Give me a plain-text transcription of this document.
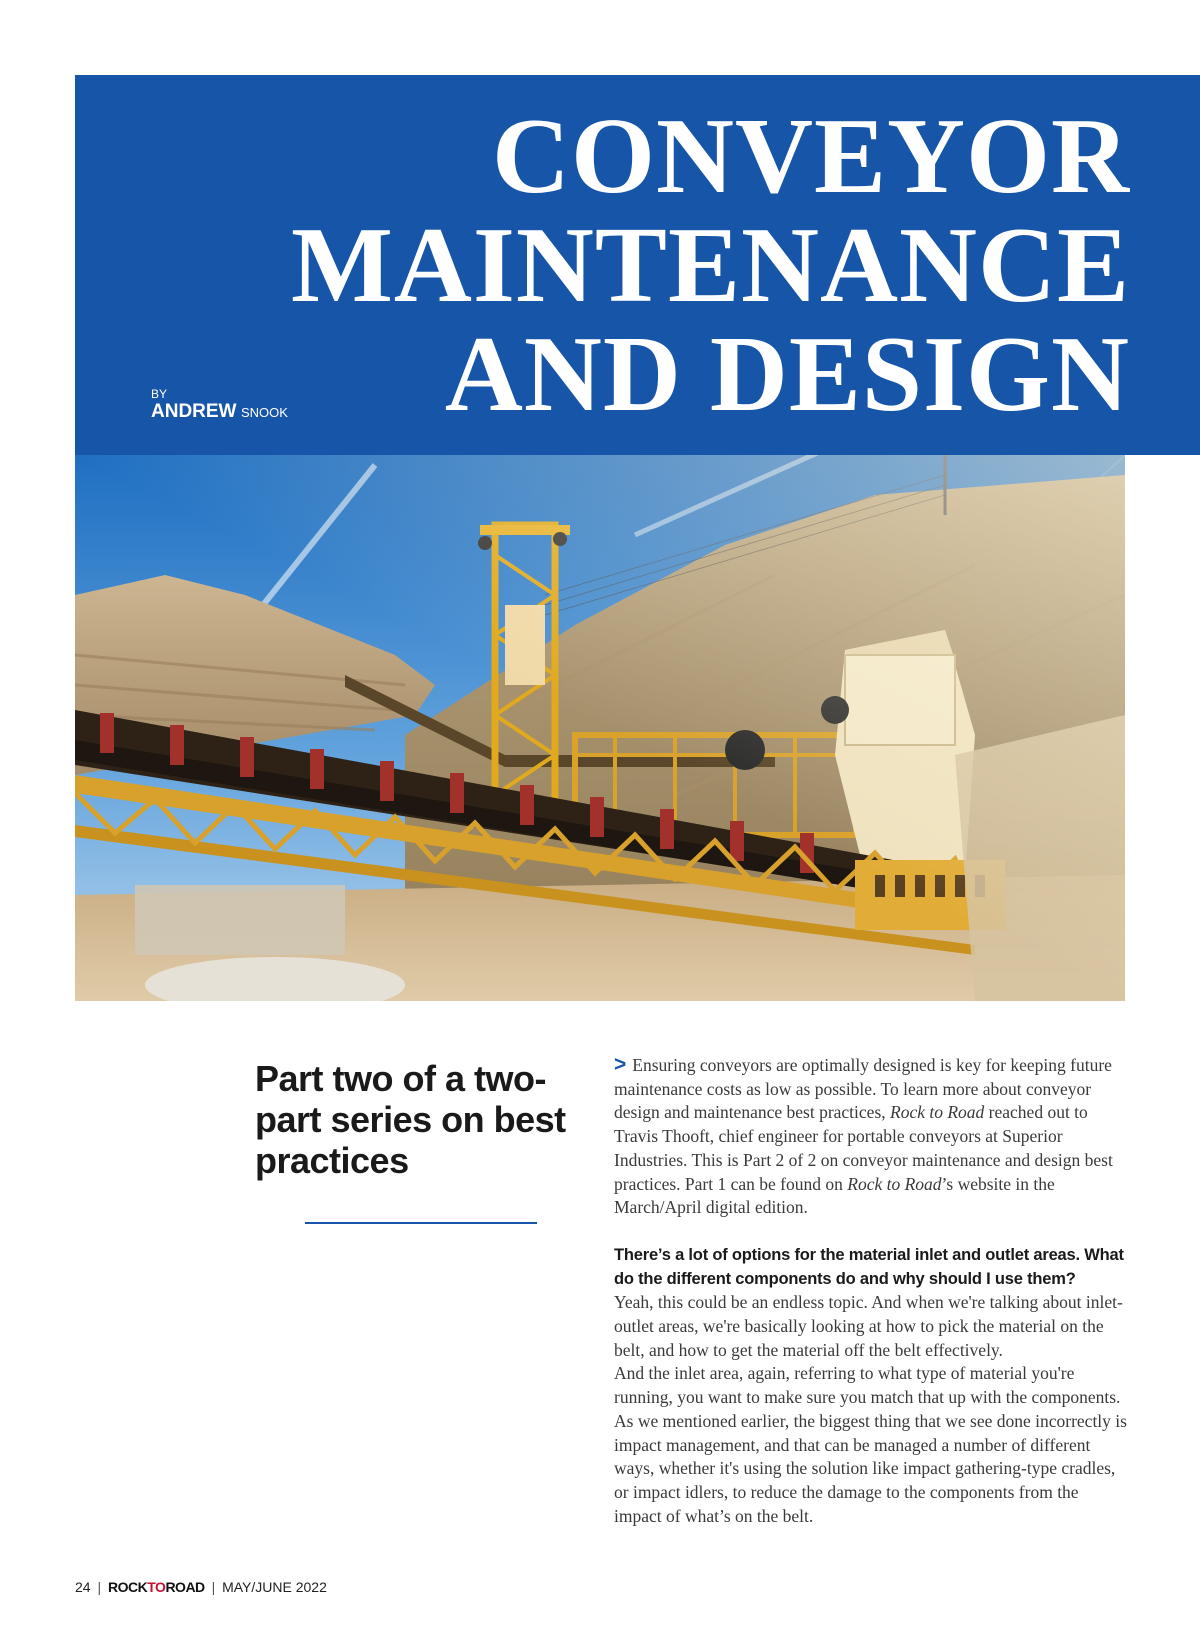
CONVEYOR
MAINTENANCE
AND DESIGN
BY
ANDREW SNOOK
Part two of a two-part series on best practices

> Ensuring conveyors are optimally designed is key for keeping future maintenance costs as low as possible. To learn more about conveyor design and maintenance best practices, Rock to Road reached out to Travis Thooft, chief engineer for portable conveyors at Superior Industries. This is Part 2 of 2 on conveyor maintenance and design best practices. Part 1 can be found on Rock to Road’s website in the March/April digital edition.

There’s a lot of options for the material inlet and outlet areas. What do the different components do and why should I use them?

Yeah, this could be an endless topic. And when we're talking about inlet-outlet areas, we're basically looking at how to pick the material on the belt, and how to get the material off the belt effectively.

And the inlet area, again, referring to what type of material you're running, you want to make sure you match that up with the components. As we mentioned earlier, the biggest thing that we see done incorrectly is impact management, and that can be managed a number of different ways, whether it's using the solution like impact gathering-type cradles, or impact idlers, to reduce the damage to the components from the impact of what’s on the belt.

24 | ROCKTOROAD | MAY/JUNE 2022
